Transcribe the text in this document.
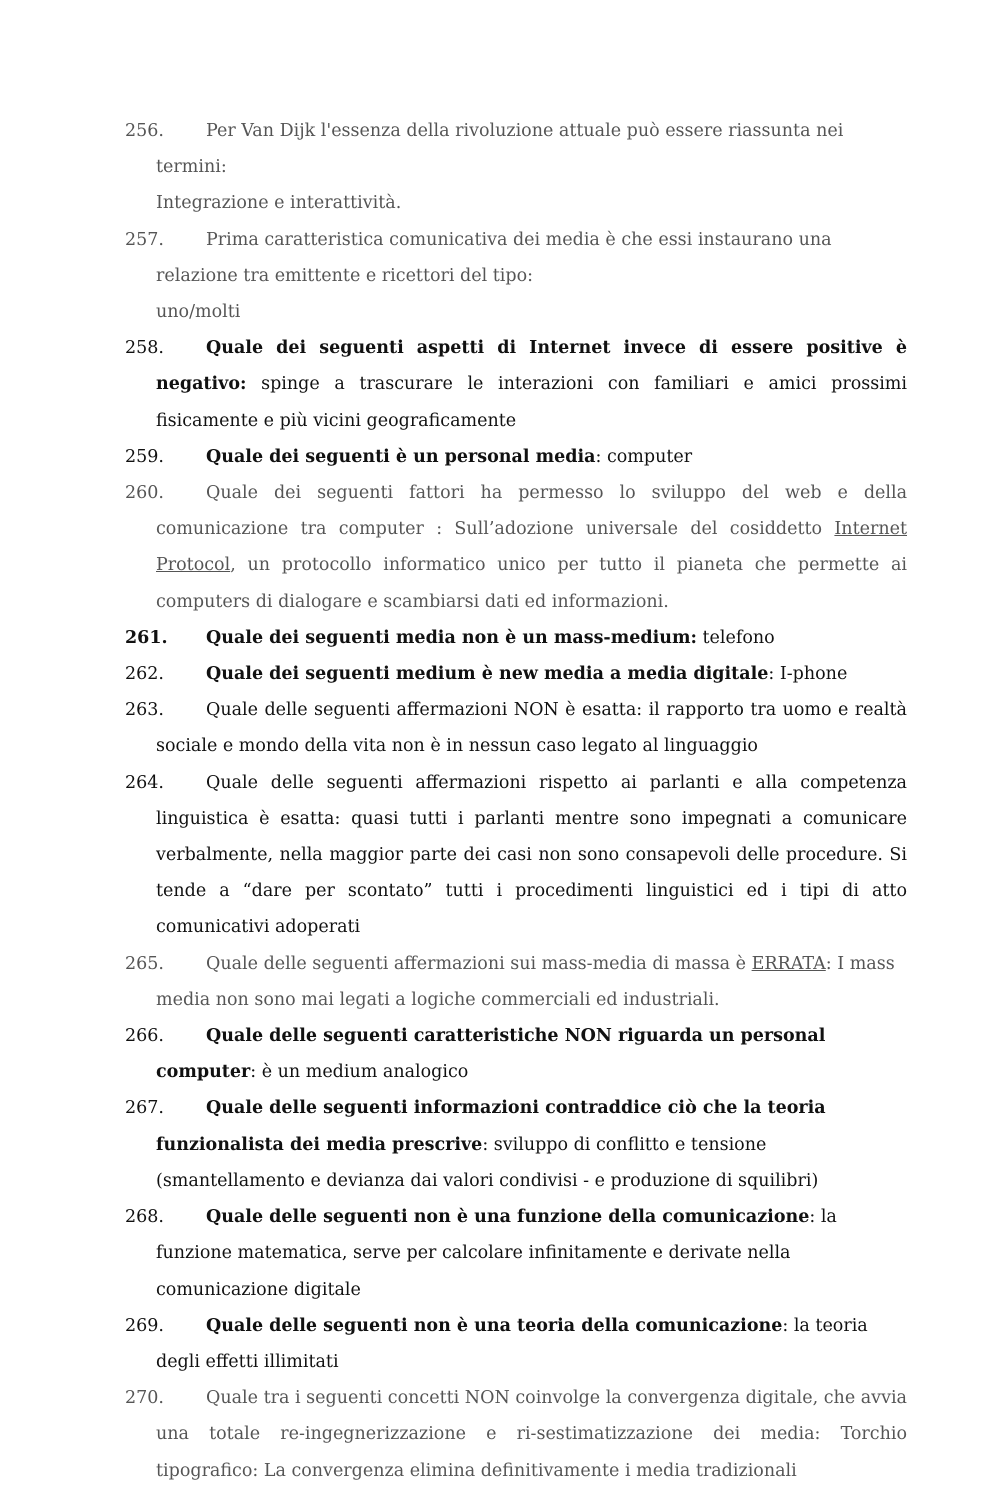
256.	Per Van Dijk l'essenza della rivoluzione attuale può essere riassunta nei termini:
Integrazione e interattività.
257.	Prima caratteristica comunicativa dei media è che essi instaurano una relazione tra emittente e ricettori del tipo:
uno/molti
258.	Quale dei seguenti aspetti di Internet invece di essere positive è negativo: spinge a trascurare le interazioni con familiari e amici prossimi fisicamente e più vicini geograficamente
259.	Quale dei seguenti è un personal media: computer
260.	Quale dei seguenti fattori ha permesso lo sviluppo del web e della comunicazione tra computer : Sull’adozione universale del cosiddetto Internet Protocol, un protocollo informatico unico per tutto il pianeta che permette ai computers di dialogare e scambiarsi dati ed informazioni.
261.	Quale dei seguenti media non è un mass-medium: telefono
262.	Quale dei seguenti medium è new media a media digitale: I-phone
263.	Quale delle seguenti affermazioni NON è esatta: il rapporto tra uomo e realtà sociale e mondo della vita non è in nessun caso legato al linguaggio
264.	Quale delle seguenti affermazioni rispetto ai parlanti e alla competenza linguistica è esatta: quasi tutti i parlanti mentre sono impegnati a comunicare verbalmente, nella maggior parte dei casi non sono consapevoli delle procedure. Si tende a “dare per scontato” tutti i procedimenti linguistici ed i tipi di atto comunicativi adoperati
265.	Quale delle seguenti affermazioni sui mass-media di massa è ERRATA: I mass media non sono mai legati a logiche commerciali ed industriali.
266.	Quale delle seguenti caratteristiche NON riguarda un personal computer: è un medium analogico
267.	Quale delle seguenti informazioni contraddice ciò che la teoria funzionalista dei media prescrive: sviluppo di conflitto e tensione (smantellamento e devianza dai valori condivisi - e produzione di squilibri)
268.	Quale delle seguenti non è una funzione della comunicazione: la funzione matematica, serve per calcolare infinitamente e derivate nella comunicazione digitale
269.	Quale delle seguenti non è una teoria della comunicazione: la teoria degli effetti illimitati
270.	Quale tra i seguenti concetti NON coinvolge la convergenza digitale, che avvia una totale re-ingegnerizzazione e ri-sestimatizzazione dei media: Torchio tipografico: La convergenza elimina definitivamente i media tradizionali
